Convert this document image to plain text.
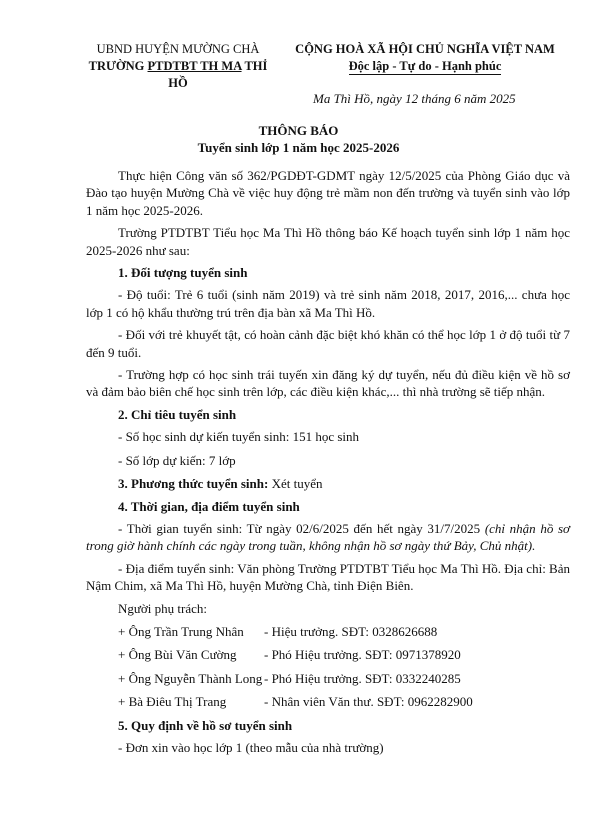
UBND HUYỆN MƯỜNG CHÀ
TRƯỜNG PTDTBT TH MA THỈ HỒ
CỘNG HOÀ XÃ HỘI CHỦ NGHĨA VIỆT NAM
Độc lập - Tự do - Hạnh phúc
Ma Thì Hồ, ngày 12 tháng 6 năm 2025
THÔNG BÁO
Tuyển sinh lớp 1 năm học 2025-2026

Thực hiện Công văn số 362/PGDĐT-GDMT ngày 12/5/2025 của Phòng Giáo dục và Đào tạo huyện Mường Chà về việc huy động trẻ mầm non đến trường và tuyển sinh vào lớp 1 năm học 2025-2026.

Trường PTDTBT Tiểu học Ma Thì Hồ thông báo Kế hoạch tuyển sinh lớp 1 năm học 2025-2026 như sau:

1. Đối tượng tuyển sinh

- Độ tuổi: Trẻ 6 tuổi (sinh năm 2019) và trẻ sinh năm 2018, 2017, 2016,... chưa học lớp 1 có hộ khẩu thường trú trên địa bàn xã Ma Thì Hồ.

- Đối với trẻ khuyết tật, có hoàn cảnh đặc biệt khó khăn có thể học lớp 1 ở độ tuổi từ 7 đến 9 tuổi.

- Trường hợp có học sinh trái tuyến xin đăng ký dự tuyển, nếu đủ điều kiện về hồ sơ và đảm bảo biên chế học sinh trên lớp, các điều kiện khác,... thì nhà trường sẽ tiếp nhận.

2. Chỉ tiêu tuyển sinh

- Số học sinh dự kiến tuyển sinh: 151 học sinh

- Số lớp dự kiến: 7 lớp

3. Phương thức tuyển sinh: Xét tuyển

4. Thời gian, địa điểm tuyển sinh

- Thời gian tuyển sinh: Từ ngày 02/6/2025 đến hết ngày 31/7/2025 (chỉ nhận hồ sơ trong giờ hành chính các ngày trong tuần, không nhận hồ sơ ngày thứ Bảy, Chủ nhật).

- Địa điểm tuyển sinh: Văn phòng Trường PTDTBT Tiểu học Ma Thì Hồ. Địa chỉ: Bản Nậm Chim, xã Ma Thì Hồ, huyện Mường Chà, tỉnh Điện Biên.

Người phụ trách:

+ Ông Trần Trung Nhân	- Hiệu trưởng. SĐT: 0328626688
+ Ông Bùi Văn Cường	- Phó Hiệu trưởng. SĐT: 0971378920
+ Ông Nguyễn Thành Long - Phó Hiệu trưởng. SĐT: 0332240285
+ Bà Điêu Thị Trang	- Nhân viên Văn thư. SĐT: 0962282900

5. Quy định về hồ sơ tuyển sinh

- Đơn xin vào học lớp 1 (theo mẫu của nhà trường)
